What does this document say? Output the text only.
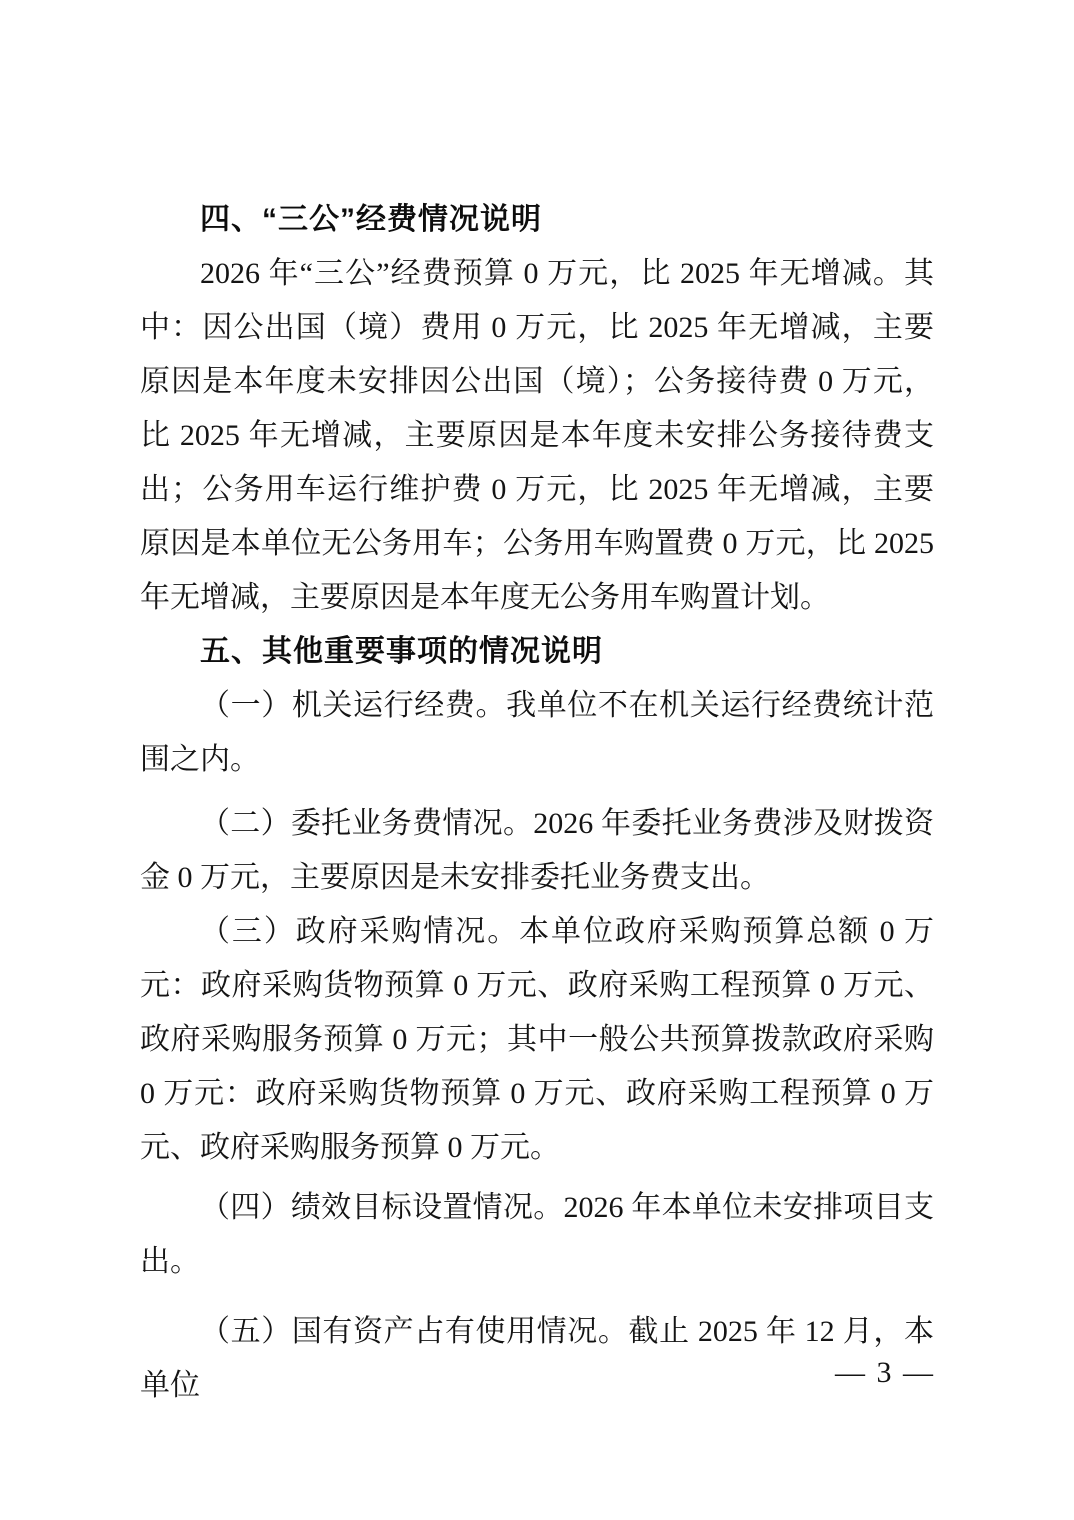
四、“三公”经费情况说明
2026 年“三公”经费预算 0 万元，比 2025 年无增减。其中：因公出国（境）费用 0 万元，比 2025 年无增减，主要原因是本年度未安排因公出国（境）；公务接待费 0 万元，比 2025 年无增减，主要原因是本年度未安排公务接待费支出；公务用车运行维护费 0 万元，比 2025 年无增减，主要原因是本单位无公务用车；公务用车购置费 0 万元，比 2025 年无增减，主要原因是本年度无公务用车购置计划。
五、其他重要事项的情况说明
（一）机关运行经费。我单位不在机关运行经费统计范围之内。
（二）委托业务费情况。2026 年委托业务费涉及财拨资金 0 万元，主要原因是未安排委托业务费支出。
（三）政府采购情况。本单位政府采购预算总额 0 万元：政府采购货物预算 0 万元、政府采购工程预算 0 万元、政府采购服务预算 0 万元；其中一般公共预算拨款政府采购 0 万元：政府采购货物预算 0 万元、政府采购工程预算 0 万元、政府采购服务预算 0 万元。
（四）绩效目标设置情况。2026 年本单位未安排项目支出。
（五）国有资产占有使用情况。截止 2025 年 12 月，本单位	— 3 —
